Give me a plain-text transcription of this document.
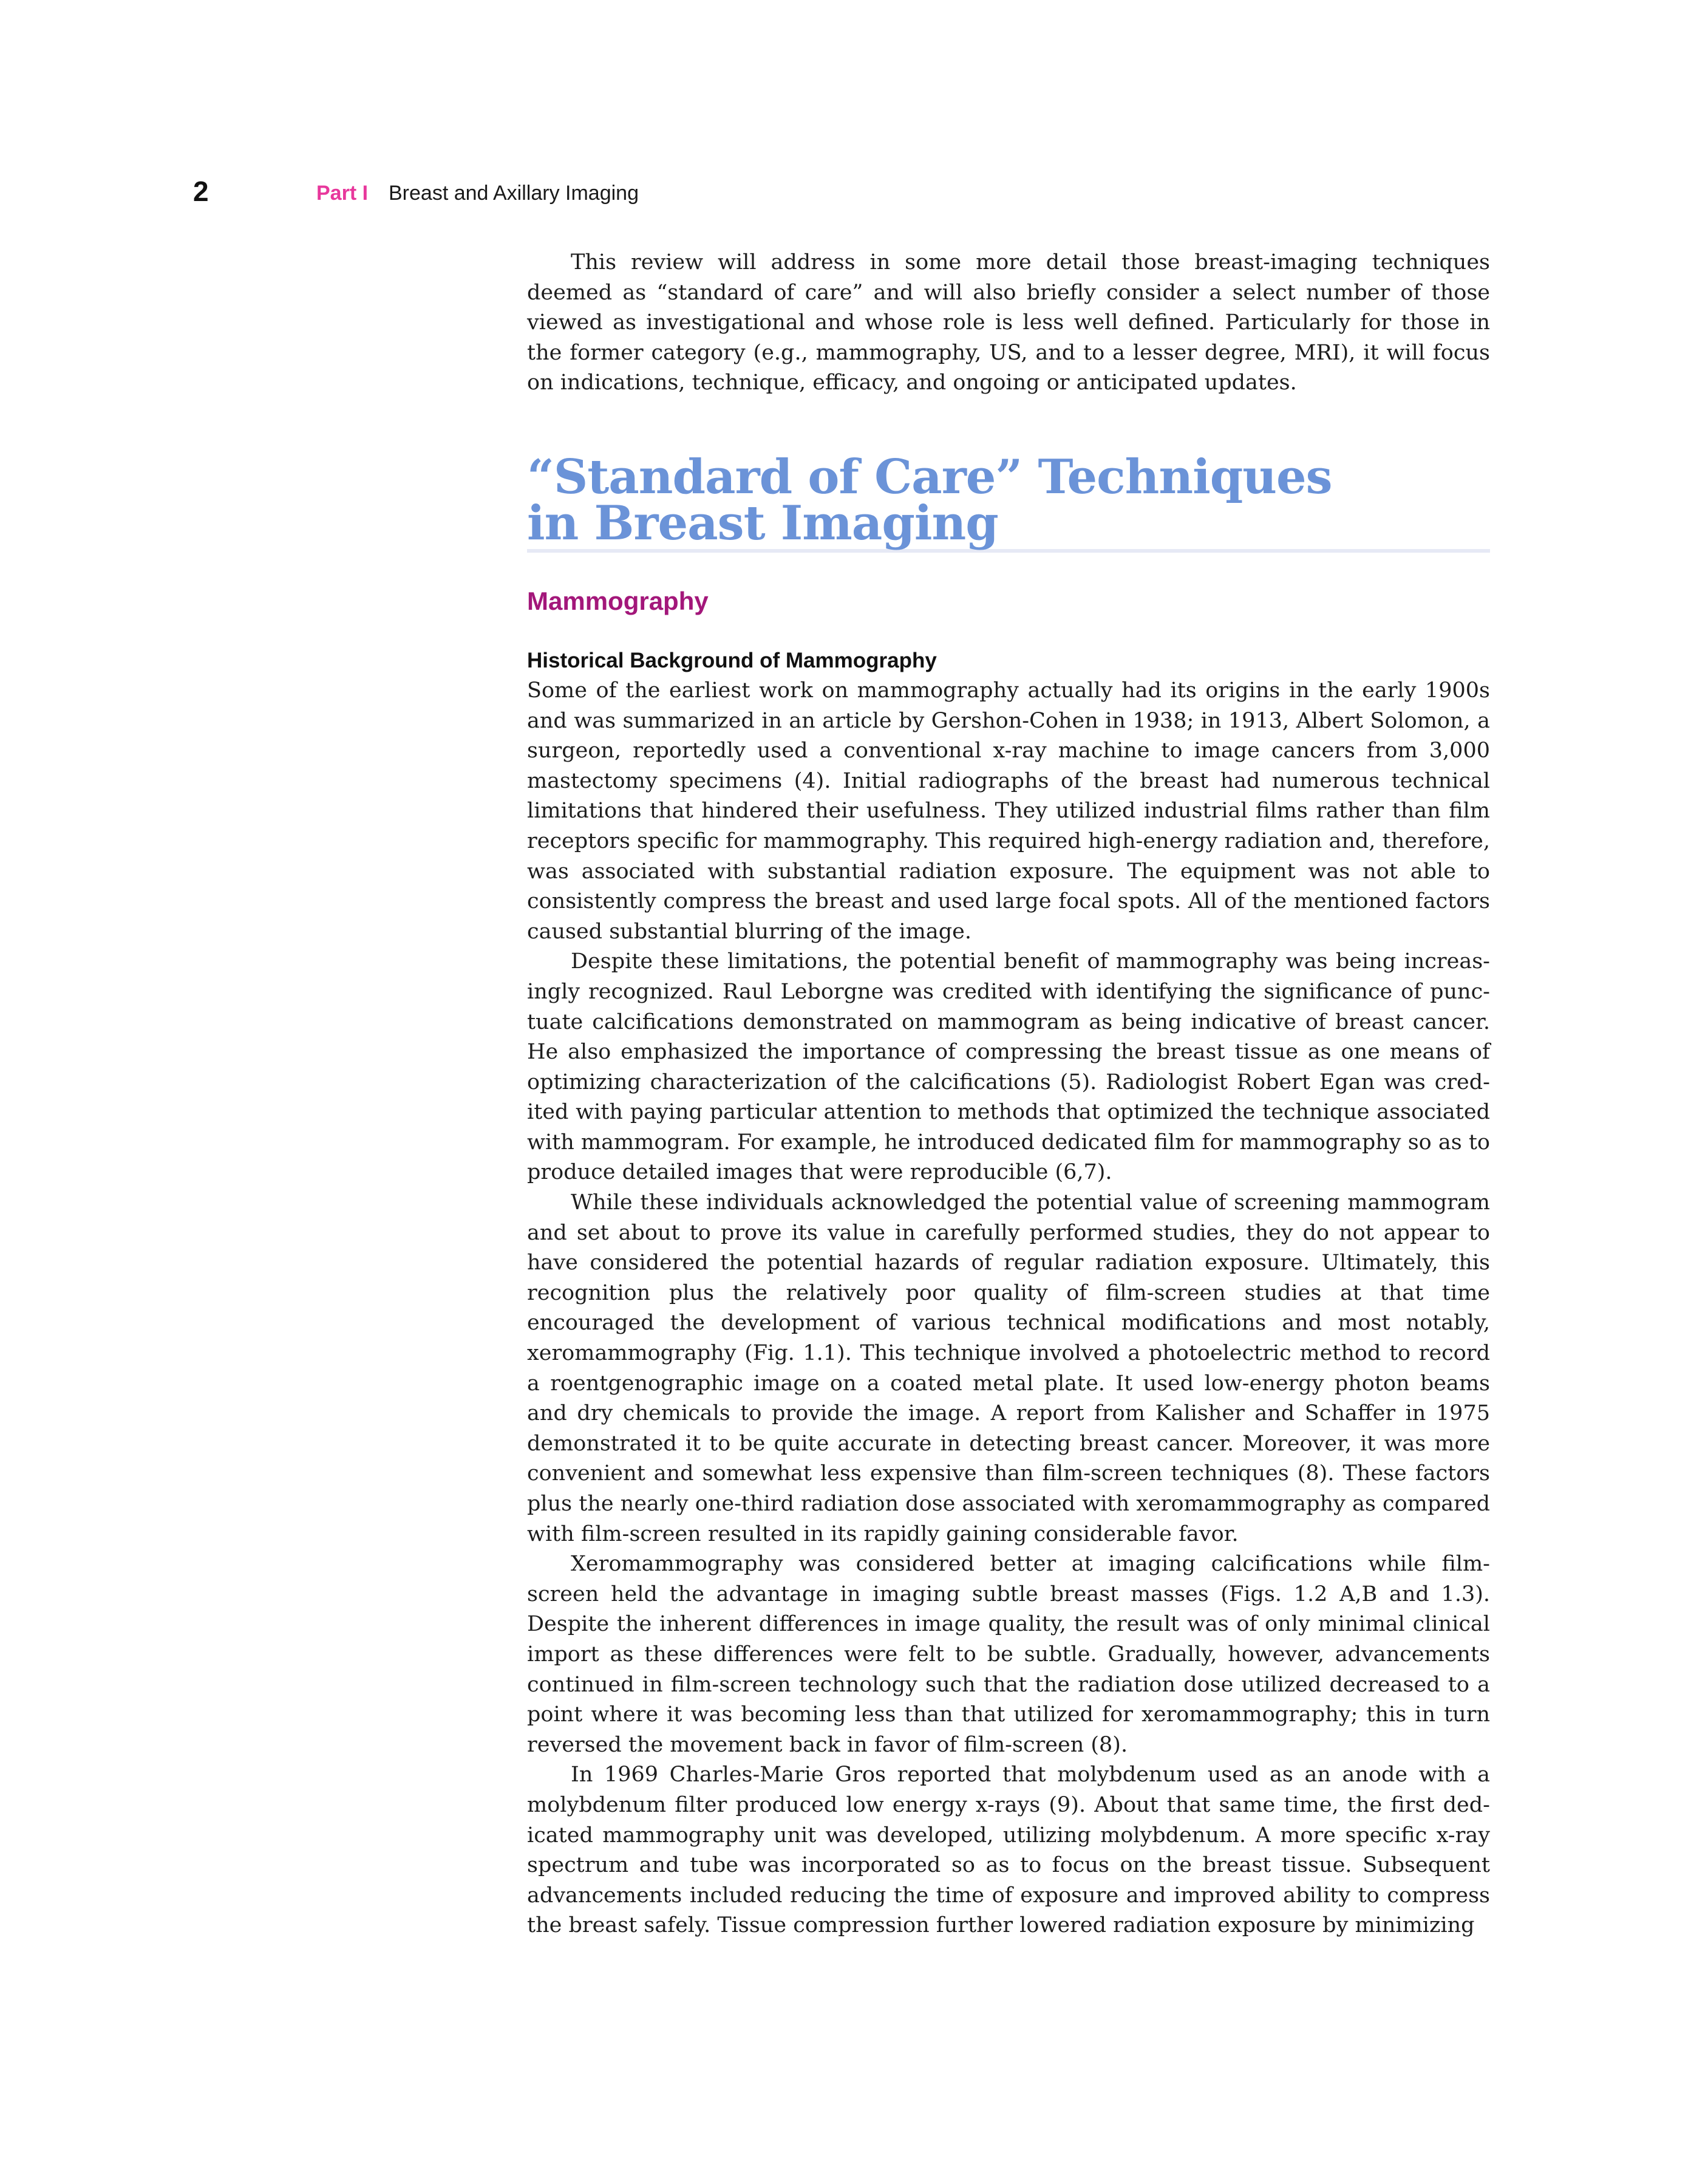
2	Part I Breast and Axillary Imaging

This review will address in some more detail those breast-imaging techniques deemed as “standard of care” and will also briefly consider a select number of those viewed as investigational and whose role is less well defined. Particularly for those in the former category (e.g., mammography, US, and to a lesser degree, MRI), it will focus on indications, technique, efficacy, and ongoing or anticipated updates.

“Standard of Care” Techniques
in Breast Imaging
Mammography
Historical Background of Mammography

Some of the earliest work on mammography actually had its origins in the early 1900s and was summarized in an article by Gershon-Cohen in 1938; in 1913, Albert Solomon, a surgeon, reportedly used a conventional x-ray machine to image cancers from 3,000 mastectomy specimens (4). Initial radiographs of the breast had numerous technical limitations that hindered their usefulness. They utilized industrial films rather than film receptors specific for mammography. This required high-energy radiation and, therefore, was associated with substantial radiation exposure. The equipment was not able to consistently compress the breast and used large focal spots. All of the mentioned factors caused substantial blurring of the image.

Despite these limitations, the potential benefit of mammography was being increasingly recognized. Raul Leborgne was credited with identifying the significance of punctuate calcifications demonstrated on mammogram as being indicative of breast cancer. He also emphasized the importance of compressing the breast tissue as one means of optimizing characterization of the calcifications (5). Radiologist Robert Egan was credited with paying particular attention to methods that optimized the technique associated with mammogram. For example, he introduced dedicated film for mammography so as to produce detailed images that were reproducible (6,7).

While these individuals acknowledged the potential value of screening mammogram and set about to prove its value in carefully performed studies, they do not appear to have considered the potential hazards of regular radiation exposure. Ultimately, this recognition plus the relatively poor quality of film-screen studies at that time encouraged the development of various technical modifications and most notably, xeromammography (Fig. 1.1). This technique involved a photoelectric method to record a roentgenographic image on a coated metal plate. It used low-energy photon beams and dry chemicals to provide the image. A report from Kalisher and Schaffer in 1975 demonstrated it to be quite accurate in detecting breast cancer. Moreover, it was more convenient and somewhat less expensive than film-screen techniques (8). These factors plus the nearly one-third radiation dose associated with xeromammography as compared with film-screen resulted in its rapidly gaining considerable favor.

Xeromammography was considered better at imaging calcifications while film-screen held the advantage in imaging subtle breast masses (Figs. 1.2 A,B and 1.3). Despite the inherent differences in image quality, the result was of only minimal clinical import as these differences were felt to be subtle. Gradually, however, advancements continued in film-screen technology such that the radiation dose utilized decreased to a point where it was becoming less than that utilized for xeromammography; this in turn reversed the movement back in favor of film-screen (8).

In 1969 Charles-Marie Gros reported that molybdenum used as an anode with a molybdenum filter produced low energy x-rays (9). About that same time, the first dedicated mammography unit was developed, utilizing molybdenum. A more specific x-ray spectrum and tube was incorporated so as to focus on the breast tissue. Subsequent advancements included reducing the time of exposure and improved ability to compress the breast safely. Tissue compression further lowered radiation exposure by minimizing
